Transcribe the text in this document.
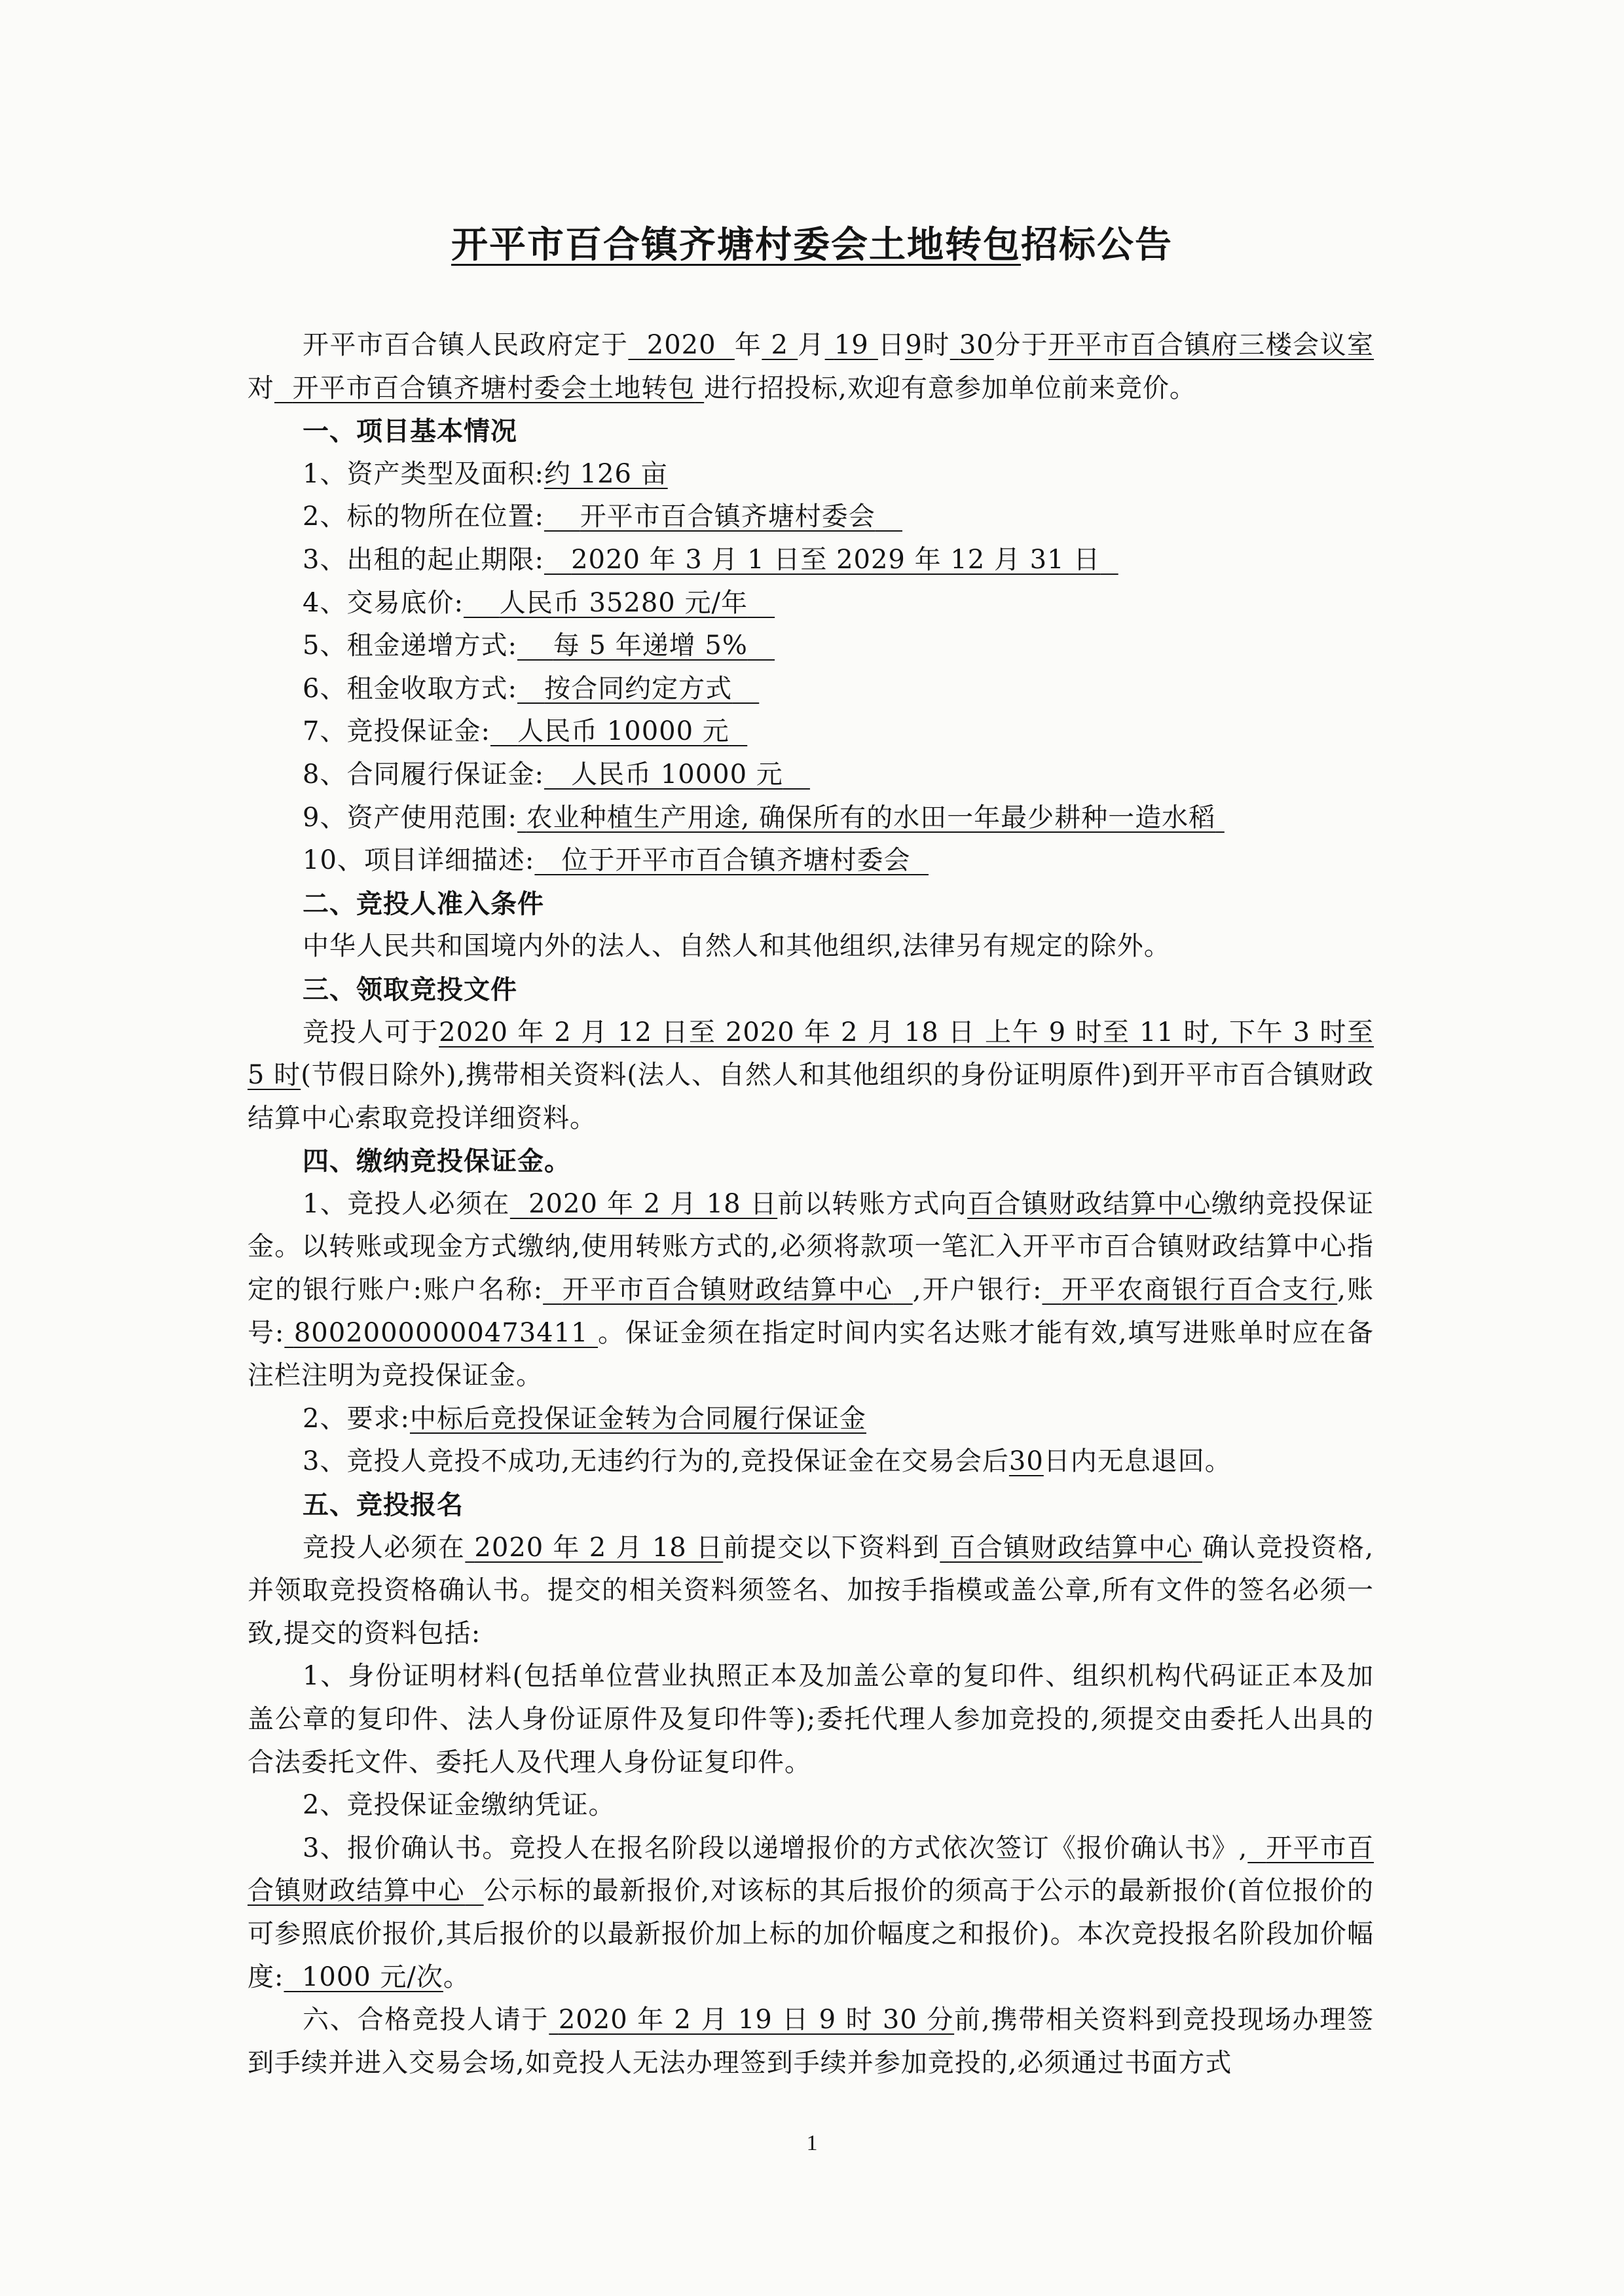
开平市百合镇齐塘村委会土地转包招标公告

开平市百合镇人民政府定于 2020 年 2 月 19 日9时 30分于开平市百合镇府三楼会议室对 开平市百合镇齐塘村委会土地转包 进行招投标,欢迎有意参加单位前来竞价。

一、项目基本情况

1、资产类型及面积:约 126 亩

2、标的物所在位置: 开平市百合镇齐塘村委会

3、出租的起止期限: 2020 年 3 月 1 日至 2029 年 12 月 31 日

4、交易底价: 人民币 35280 元/年

5、租金递增方式: 每 5 年递增 5%

6、租金收取方式: 按合同约定方式

7、竞投保证金: 人民币 10000 元

8、合同履行保证金: 人民币 10000 元

9、资产使用范围: 农业种植生产用途, 确保所有的水田一年最少耕种一造水稻

10、项目详细描述: 位于开平市百合镇齐塘村委会

二、竞投人准入条件

中华人民共和国境内外的法人、自然人和其他组织,法律另有规定的除外。

三、领取竞投文件

竞投人可于2020 年 2 月 12 日至 2020 年 2 月 18 日 上午 9 时至 11 时, 下午 3 时至 5 时(节假日除外),携带相关资料(法人、自然人和其他组织的身份证明原件)到开平市百合镇财政结算中心索取竞投详细资料。

四、缴纳竞投保证金。

1、竞投人必须在 2020 年 2 月 18 日前以转账方式向百合镇财政结算中心缴纳竞投保证金。以转账或现金方式缴纳,使用转账方式的,必须将款项一笔汇入开平市百合镇财政结算中心指定的银行账户:账户名称: 开平市百合镇财政结算中心 ,开户银行: 开平农商银行百合支行,账号: 80020000000473411 。保证金须在指定时间内实名达账才能有效,填写进账单时应在备注栏注明为竞投保证金。

2、要求:中标后竞投保证金转为合同履行保证金

3、竞投人竞投不成功,无违约行为的,竞投保证金在交易会后30日内无息退回。

五、竞投报名

竞投人必须在 2020 年 2 月 18 日前提交以下资料到 百合镇财政结算中心 确认竞投资格,并领取竞投资格确认书。提交的相关资料须签名、加按手指模或盖公章,所有文件的签名必须一致,提交的资料包括:

1、身份证明材料(包括单位营业执照正本及加盖公章的复印件、组织机构代码证正本及加盖公章的复印件、法人身份证原件及复印件等);委托代理人参加竞投的,须提交由委托人出具的合法委托文件、委托人及代理人身份证复印件。

2、竞投保证金缴纳凭证。

3、报价确认书。竞投人在报名阶段以递增报价的方式依次签订《报价确认书》, 开平市百合镇财政结算中心 公示标的最新报价,对该标的其后报价的须高于公示的最新报价(首位报价的可参照底价报价,其后报价的以最新报价加上标的加价幅度之和报价)。本次竞投报名阶段加价幅度: 1000 元/次。

六、合格竞投人请于 2020 年 2 月 19 日 9 时 30 分前,携带相关资料到竞投现场办理签到手续并进入交易会场,如竞投人无法办理签到手续并参加竞投的,必须通过书面方式

1
